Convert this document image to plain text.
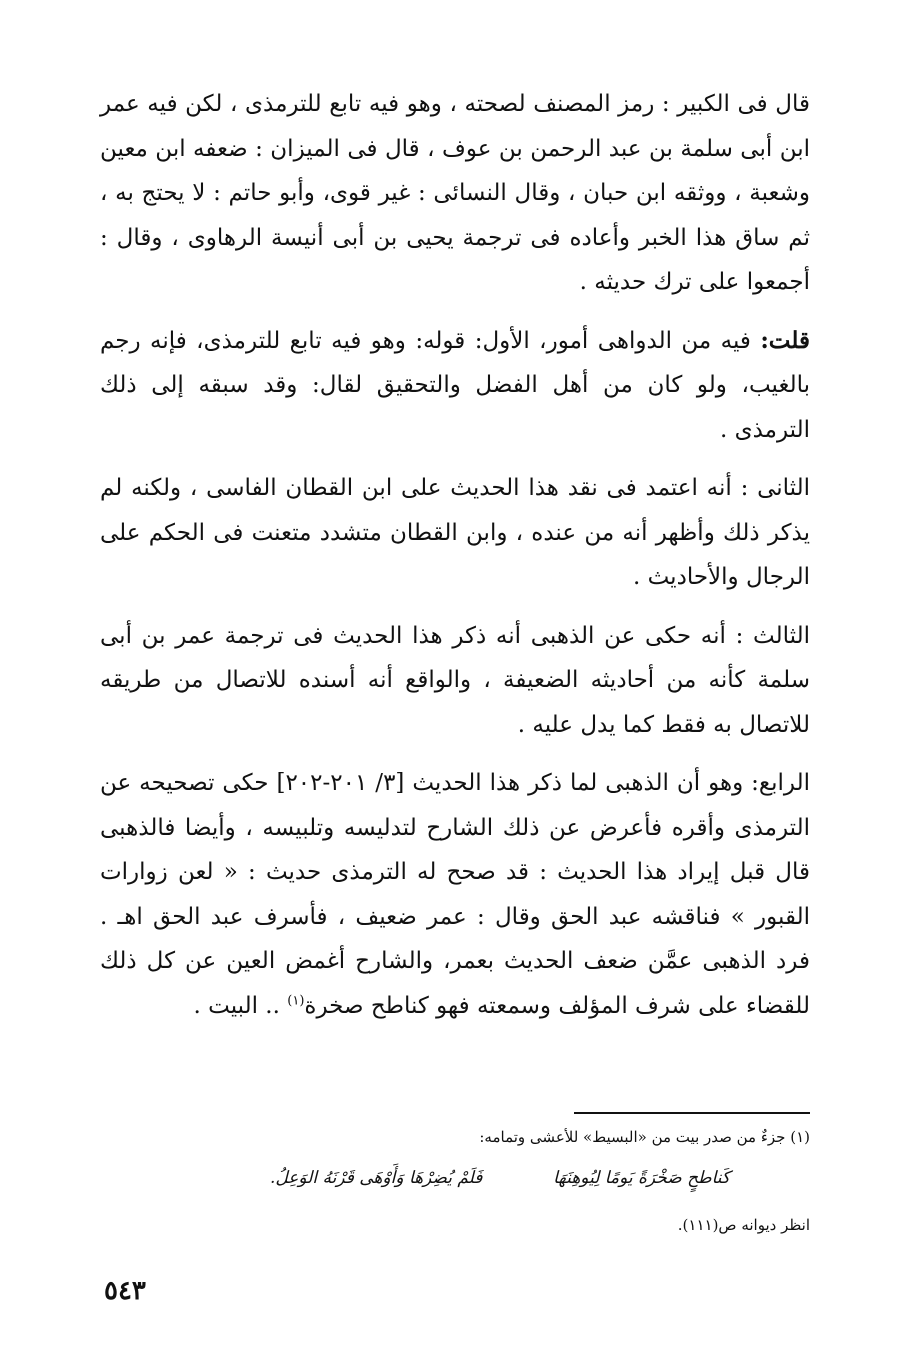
قال فى الكبير : رمز المصنف لصحته ، وهو فيه تابع للترمذى ، لكن فيه عمر ابن أبى سلمة بن عبد الرحمن بن عوف ، قال فى الميزان : ضعفه ابن معين وشعبة ، ووثقه ابن حبان ، وقال النسائى : غير قوى، وأبو حاتم : لا يحتج به ، ثم ساق هذا الخبر وأعاده فى ترجمة يحيى بن أبى أنيسة الرهاوى ، وقال : أجمعوا على ترك حديثه .

قلت: فيه من الدواهى أمور، الأول: قوله: وهو فيه تابع للترمذى، فإنه رجم بالغيب، ولو كان من أهل الفضل والتحقيق لقال: وقد سبقه إلى ذلك الترمذى .

الثانى : أنه اعتمد فى نقد هذا الحديث على ابن القطان الفاسى ، ولكنه لم يذكر ذلك وأظهر أنه من عنده ، وابن القطان متشدد متعنت فى الحكم على الرجال والأحاديث .

الثالث : أنه حكى عن الذهبى أنه ذكر هذا الحديث فى ترجمة عمر بن أبى سلمة كأنه من أحاديثه الضعيفة ، والواقع أنه أسنده للاتصال من طريقه للاتصال به فقط كما يدل عليه .

الرابع: وهو أن الذهبى لما ذكر هذا الحديث [٣/ ٢٠١-٢٠٢] حكى تصحيحه عن الترمذى وأقره فأعرض عن ذلك الشارح لتدليسه وتلبيسه ، وأيضا فالذهبى قال قبل إيراد هذا الحديث : قد صحح له الترمذى حديث : « لعن زوارات القبور » فناقشه عبد الحق وقال : عمر ضعيف ، فأسرف عبد الحق اهـ . فرد الذهبى عمَّن ضعف الحديث بعمر، والشارح أغمض العين عن كل ذلك للقضاء على شرف المؤلف وسمعته فهو كناطح صخرة$^{(١)}$ .. البيت .

(١) جزءٌ من صدر بيت من «البسيط» للأعشى وتمامه:
كَناطحٍ صَخْرَةً يَومًا لِيُوهِنَهَا
فَلَمْ يُضِرْهَا وَأَوْهَى قَرْنَهُ الوَعِلُ.
انظر ديوانه ص(١١١).
٥٤٣
